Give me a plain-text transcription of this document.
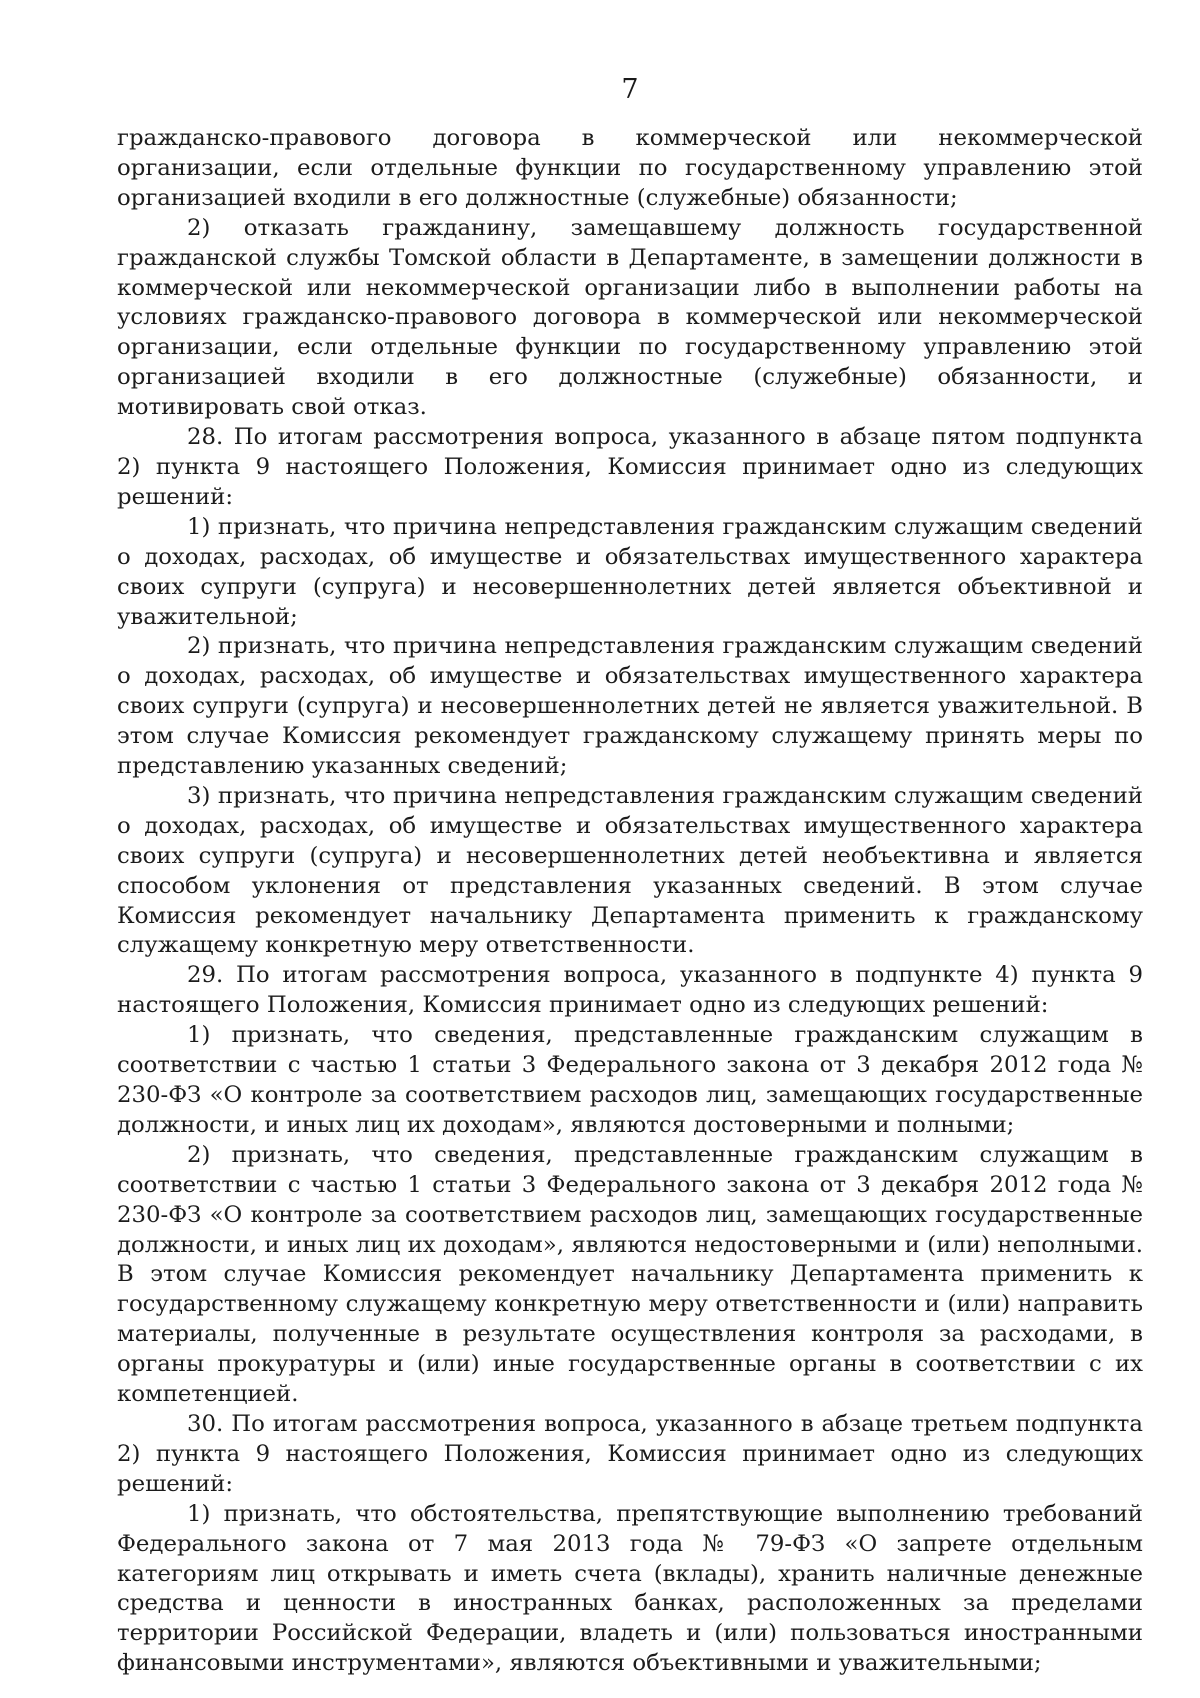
7

гражданско-правового договора в коммерческой или некоммерческой организации, если отдельные функции по государственному управлению этой организацией входили в его должностные (служебные) обязанности;

2) отказать гражданину, замещавшему должность государственной гражданской службы Томской области в Департаменте, в замещении должности в коммерческой или некоммерческой организации либо в выполнении работы на условиях гражданско-правового договора в коммерческой или некоммерческой организации, если отдельные функции по государственному управлению этой организацией входили в его должностные (служебные) обязанности, и мотивировать свой отказ.

28. По итогам рассмотрения вопроса, указанного в абзаце пятом подпункта 2) пункта 9 настоящего Положения, Комиссия принимает одно из следующих решений:

1) признать, что причина непредставления гражданским служащим сведений о доходах, расходах, об имуществе и обязательствах имущественного характера своих супруги (супруга) и несовершеннолетних детей является объективной и уважительной;

2) признать, что причина непредставления гражданским служащим сведений о доходах, расходах, об имуществе и обязательствах имущественного характера своих супруги (супруга) и несовершеннолетних детей не является уважительной. В этом случае Комиссия рекомендует гражданскому служащему принять меры по представлению указанных сведений;

3) признать, что причина непредставления гражданским служащим сведений о доходах, расходах, об имуществе и обязательствах имущественного характера своих супруги (супруга) и несовершеннолетних детей необъективна и является способом уклонения от представления указанных сведений. В этом случае Комиссия рекомендует начальнику Департамента применить к гражданскому служащему конкретную меру ответственности.

29. По итогам рассмотрения вопроса, указанного в подпункте 4) пункта 9 настоящего Положения, Комиссия принимает одно из следующих решений:

1) признать, что сведения, представленные гражданским служащим в соответствии с частью 1 статьи 3 Федерального закона от 3 декабря 2012 года № 230-ФЗ «О контроле за соответствием расходов лиц, замещающих государственные должности, и иных лиц их доходам», являются достоверными и полными;

2) признать, что сведения, представленные гражданским служащим в соответствии с частью 1 статьи 3 Федерального закона от 3 декабря 2012 года № 230-ФЗ «О контроле за соответствием расходов лиц, замещающих государственные должности, и иных лиц их доходам», являются недостоверными и (или) неполными. В этом случае Комиссия рекомендует начальнику Департамента применить к государственному служащему конкретную меру ответственности и (или) направить материалы, полученные в результате осуществления контроля за расходами, в органы прокуратуры и (или) иные государственные органы в соответствии с их компетенцией.

30. По итогам рассмотрения вопроса, указанного в абзаце третьем подпункта 2) пункта 9 настоящего Положения, Комиссия принимает одно из следующих решений:

1) признать, что обстоятельства, препятствующие выполнению требований Федерального закона от 7 мая 2013 года № 79-ФЗ «О запрете отдельным категориям лиц открывать и иметь счета (вклады), хранить наличные денежные средства и ценности в иностранных банках, расположенных за пределами территории Российской Федерации, владеть и (или) пользоваться иностранными финансовыми инструментами», являются объективными и уважительными;
